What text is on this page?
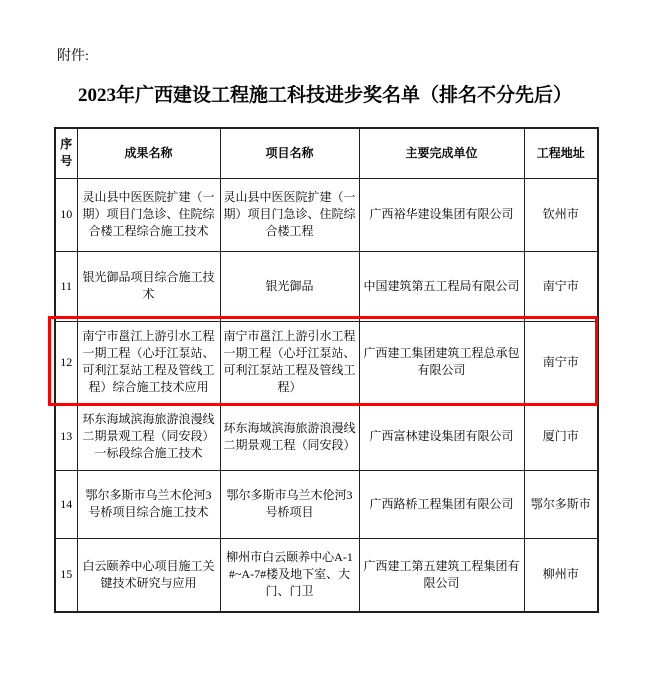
附件:
2023年广西建设工程施工科技进步奖名单（排名不分先后）
序号	成果名称	项目名称	主要完成单位	工程地址
10	灵山县中医医院扩建（一期）项目门急诊、住院综合楼工程综合施工技术	灵山县中医医院扩建（一期）项目门急诊、住院综合楼工程	广西裕华建设集团有限公司	钦州市
11	银光御品项目综合施工技术	银光御品	中国建筑第五工程局有限公司	南宁市
12	南宁市邕江上游引水工程一期工程（心圩江泵站、可利江泵站工程及管线工程）综合施工技术应用	南宁市邕江上游引水工程一期工程（心圩江泵站、可利江泵站工程及管线工程）	广西建工集团建筑工程总承包有限公司	南宁市
13	环东海域滨海旅游浪漫线二期景观工程（同安段）一标段综合施工技术	环东海域滨海旅游浪漫线二期景观工程（同安段）	广西富林建设集团有限公司	厦门市
14	鄂尔多斯市乌兰木伦河3号桥项目综合施工技术	鄂尔多斯市乌兰木伦河3号桥项目	广西路桥工程集团有限公司	鄂尔多斯市
15	白云颐养中心项目施工关键技术研究与应用	柳州市白云颐养中心A-1#~A-7#楼及地下室、大门、门卫	广西建工第五建筑工程集团有限公司	柳州市
